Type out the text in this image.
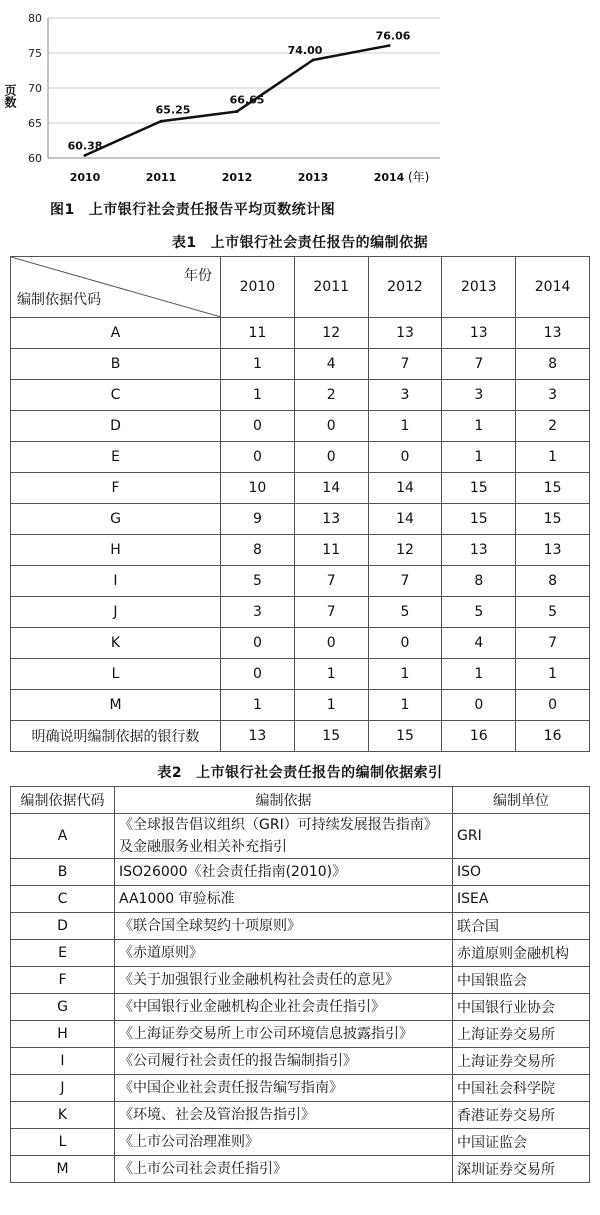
60
65
70
75
80
2010	2011	2012	2013	2014
60.38
65.25
66.65
74.00
76.06
页数
(年)
图1 上市银行社会责任报告平均页数统计图
表1 上市银行社会责任报告的编制依据
年份
编制依据代码	2010	2011	2012	2013	2014
A	11	12	13	13	13
B	1	4	7	7	8
C	1	2	3	3	3
D	0	0	1	1	2
E	0	0	0	1	1
F	10	14	14	15	15
G	9	13	14	15	15
H	8	11	12	13	13
I	5	7	7	8	8
J	3	7	5	5	5
K	0	0	0	4	7
L	0	1	1	1	1
M	1	1	1	0	0
明确说明编制依据的银行数	13	15	15	16	16
表2 上市银行社会责任报告的编制依据索引
编制依据代码	编制依据	编制单位
A	《全球报告倡议组织（GRI）可持续发展报告指南》及金融服务业相关补充指引	GRI
B	ISO26000《社会责任指南(2010)》	ISO
C	AA1000 审验标准	ISEA
D	《联合国全球契约十项原则》	联合国
E	《赤道原则》	赤道原则金融机构
F	《关于加强银行业金融机构社会责任的意见》	中国银监会
G	《中国银行业金融机构企业社会责任指引》	中国银行业协会
H	《上海证券交易所上市公司环境信息披露指引》	上海证券交易所
I	《公司履行社会责任的报告编制指引》	上海证券交易所
J	《中国企业社会责任报告编写指南》	中国社会科学院
K	《环境、社会及管治报告指引》	香港证券交易所
L	《上市公司治理准则》	中国证监会
M	《上市公司社会责任指引》	深圳证券交易所
